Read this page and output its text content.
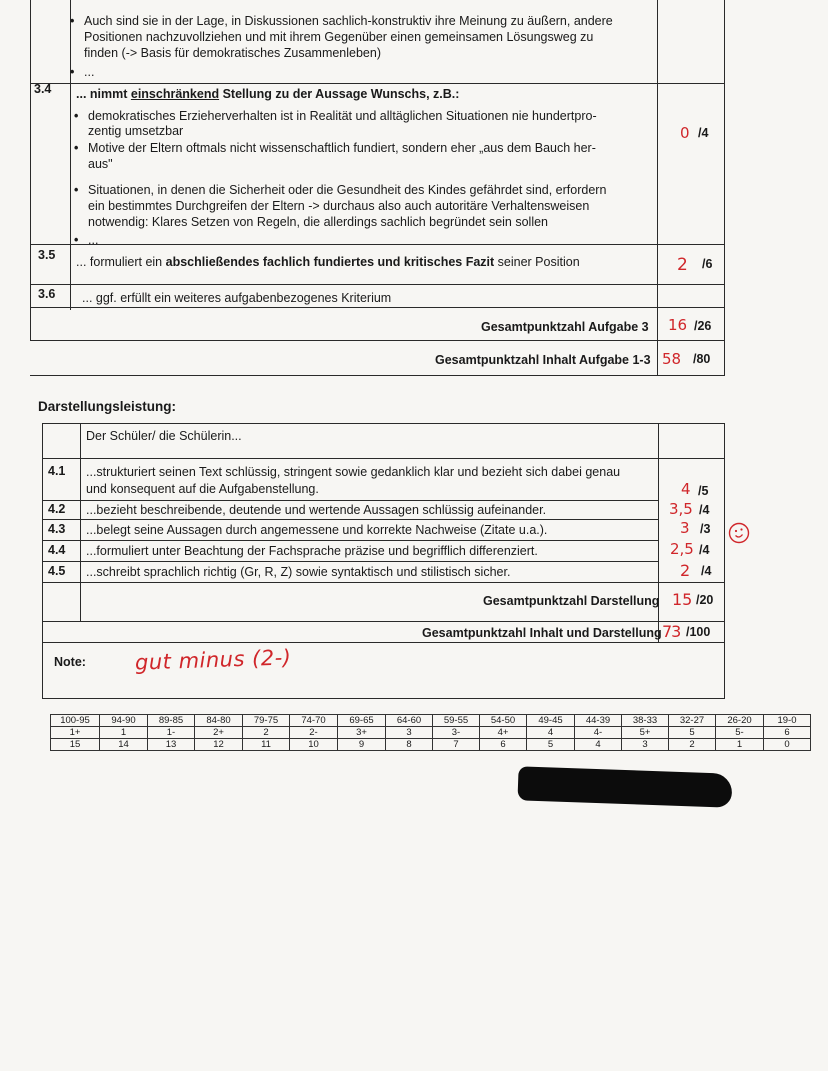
• Auch sind sie in der Lage, in Diskussionen sachlich-konstruktiv ihre Meinung zu äußern, andere
Positionen nachzuvollziehen und mit ihrem Gegenüber einen gemeinsamen Lösungsweg zu
finden (-> Basis für demokratisches Zusammenleben)
• ...
3.4 ... nimmt einschränkend Stellung zu der Aussage Wunschs, z.B.:
• demokratisches Erzieherverhalten ist in Realität und alltäglichen Situationen nie hundertpro-
zentig umsetzbar
• Motive der Eltern oftmals nicht wissenschaftlich fundiert, sondern eher „aus dem Bauch her-
aus"
• Situationen, in denen die Sicherheit oder die Gesundheit des Kindes gefährdet sind, erfordern
ein bestimmtes Durchgreifen der Eltern -> durchaus also auch autoritäre Verhaltensweisen
notwendig: Klares Setzen von Regeln, die allerdings sachlich begründet sein sollen
• ...
0 /4
3.5 ... formuliert ein abschließendes fachlich fundiertes und kritisches Fazit seiner Position	2 /6
3.6 ... ggf. erfüllt ein weiteres aufgabenbezogenes Kriterium
Gesamtpunktzahl Aufgabe 3 16 /26
Gesamtpunktzahl Inhalt Aufgabe 1-3 58 /80
Darstellungsleistung:
Der Schüler/ die Schülerin...
4.1 ...strukturiert seinen Text schlüssig, stringent sowie gedanklich klar und bezieht sich dabei genau
und konsequent auf die Aufgabenstellung.	4 /5
4.2 ...bezieht beschreibende, deutende und wertende Aussagen schlüssig aufeinander.	3,5 /4
4.3 ...belegt seine Aussagen durch angemessene und korrekte Nachweise (Zitate u.a.).	3 /3
4.4 ...formuliert unter Beachtung der Fachsprache präzise und begrifflich differenziert.	2,5 /4
4.5 ...schreibt sprachlich richtig (Gr, R, Z) sowie syntaktisch und stilistisch sicher.	2 /4
Gesamtpunktzahl Darstellung 15 /20
Gesamtpunktzahl Inhalt und Darstellung 73 /100
Note: gut minus (2-)
100-95	94-90	89-85	84-80	79-75	74-70	69-65	64-60	59-55	54-50	49-45	44-39	38-33	32-27	26-20	19-0
1+	1	1-	2+	2	2-	3+	3	3-	4+	4	4-	5+	5	5-	6
15	14	13	12	11	10	9	8	7	6	5	4	3	2	1	0
